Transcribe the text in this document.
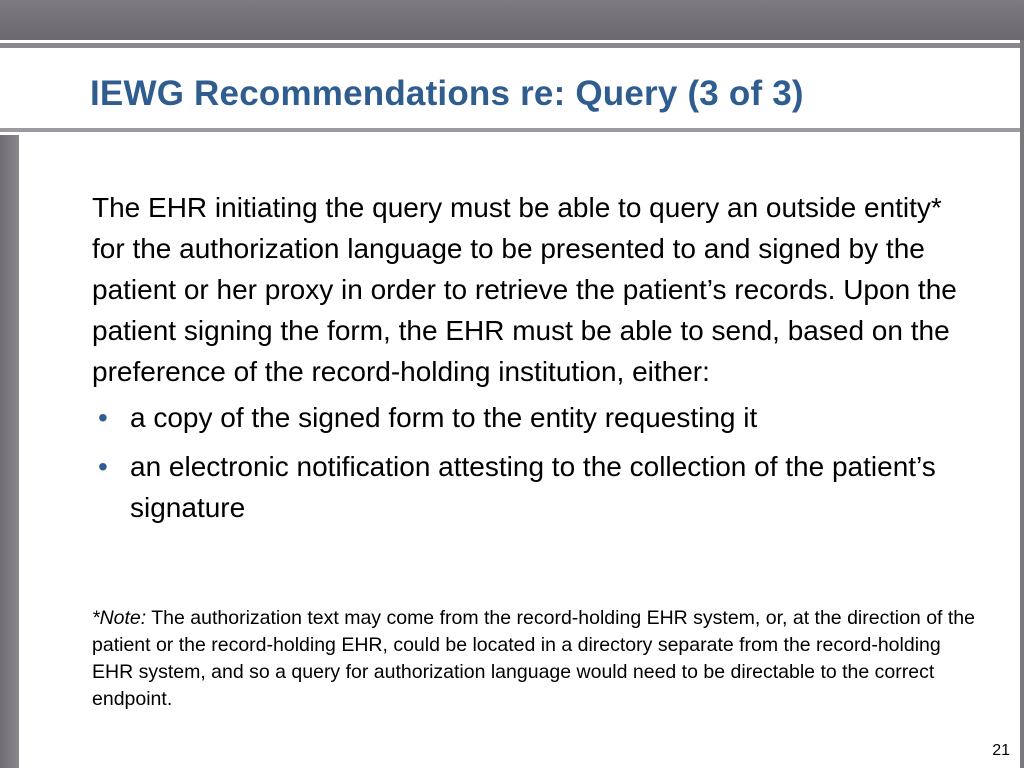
IEWG Recommendations re: Query (3 of 3)

The EHR initiating the query must be able to query an outside entity* for the authorization language to be presented to and signed by the patient or her proxy in order to retrieve the patient’s records. Upon the patient signing the form, the EHR must be able to send, based on the preference of the record-holding institution, either:

• a copy of the signed form to the entity requesting it
• an electronic notification attesting to the collection of the patient’s signature

*Note: The authorization text may come from the record-holding EHR system, or, at the direction of the patient or the record-holding EHR, could be located in a directory separate from the record-holding EHR system, and so a query for authorization language would need to be directable to the correct endpoint.

21
